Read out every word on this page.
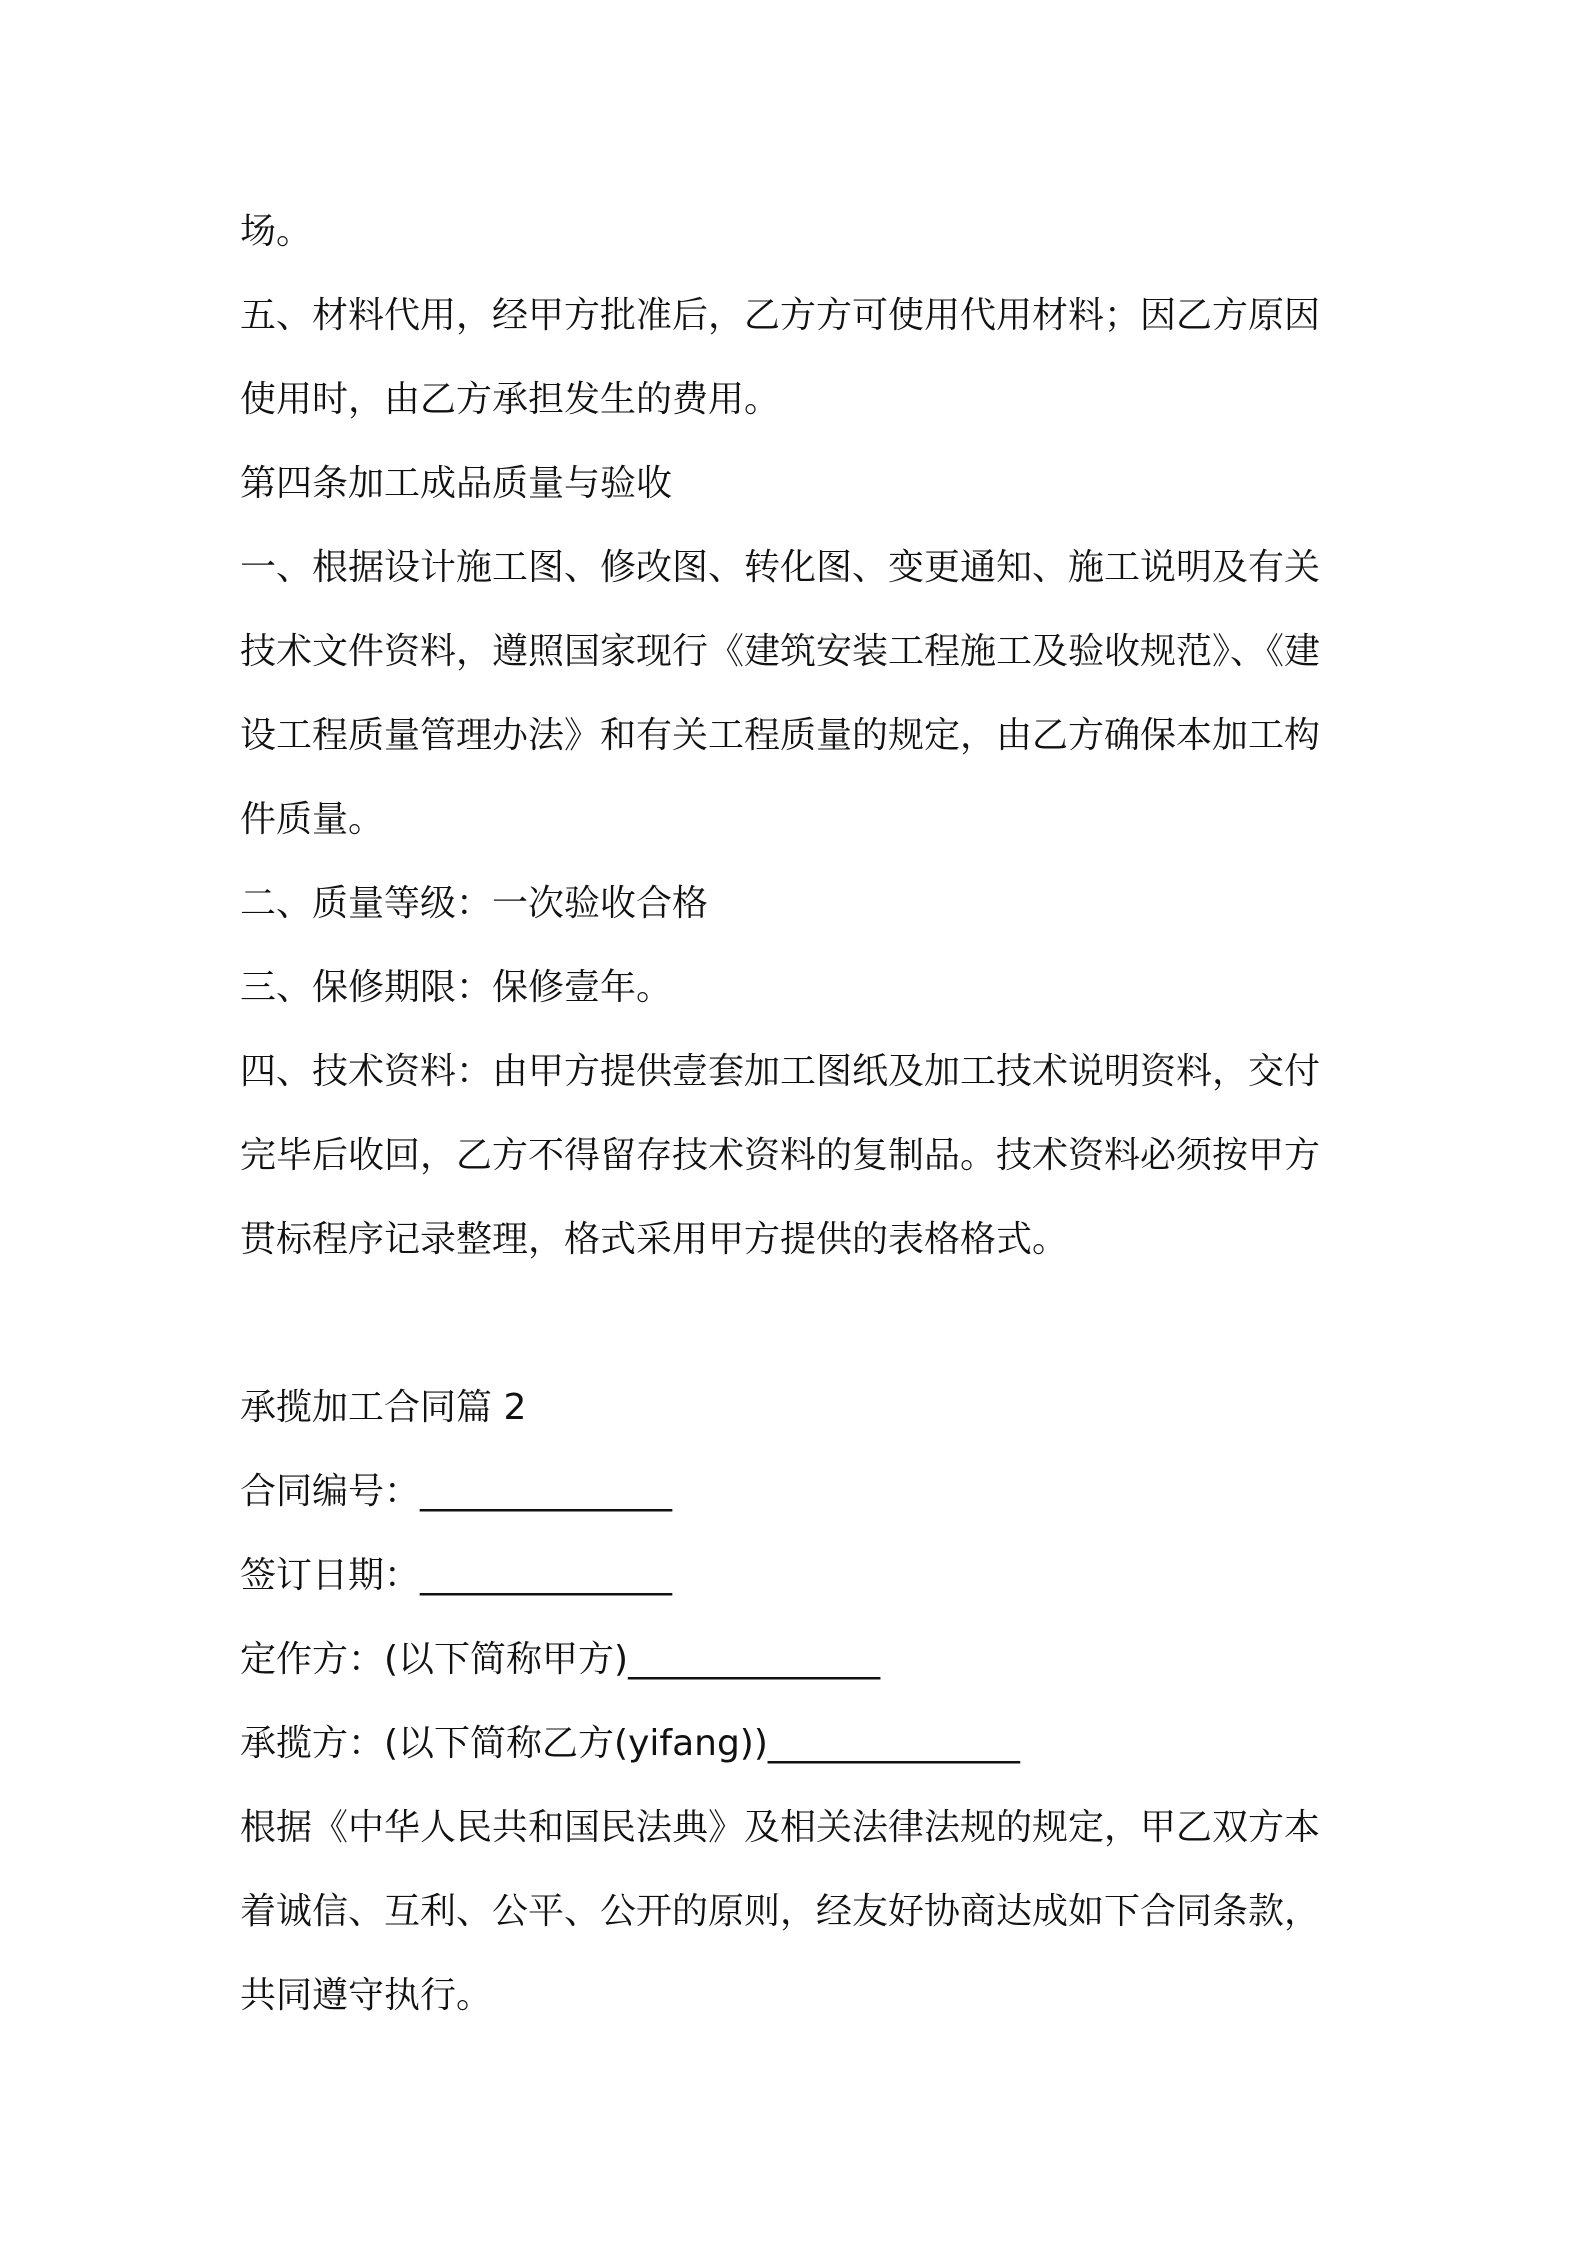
场。
五、材料代用，经甲方批准后，乙方方可使用代用材料；因乙方原因
使用时，由乙方承担发生的费用。
第四条加工成品质量与验收
一、根据设计施工图、修改图、转化图、变更通知、施工说明及有关
技术文件资料，遵照国家现行《建筑安装工程施工及验收规范》、《建
设工程质量管理办法》和有关工程质量的规定，由乙方确保本加工构
件质量。
二、质量等级：一次验收合格
三、保修期限：保修壹年。
四、技术资料：由甲方提供壹套加工图纸及加工技术说明资料，交付
完毕后收回，乙方不得留存技术资料的复制品。技术资料必须按甲方
贯标程序记录整理，格式采用甲方提供的表格格式。
承揽加工合同篇 2
合同编号：______________
签订日期：______________
定作方：(以下简称甲方)______________
承揽方：(以下简称乙方(yifang))______________
根据《中华人民共和国民法典》及相关法律法规的规定，甲乙双方本
着诚信、互利、公平、公开的原则，经友好协商达成如下合同条款，
共同遵守执行。
